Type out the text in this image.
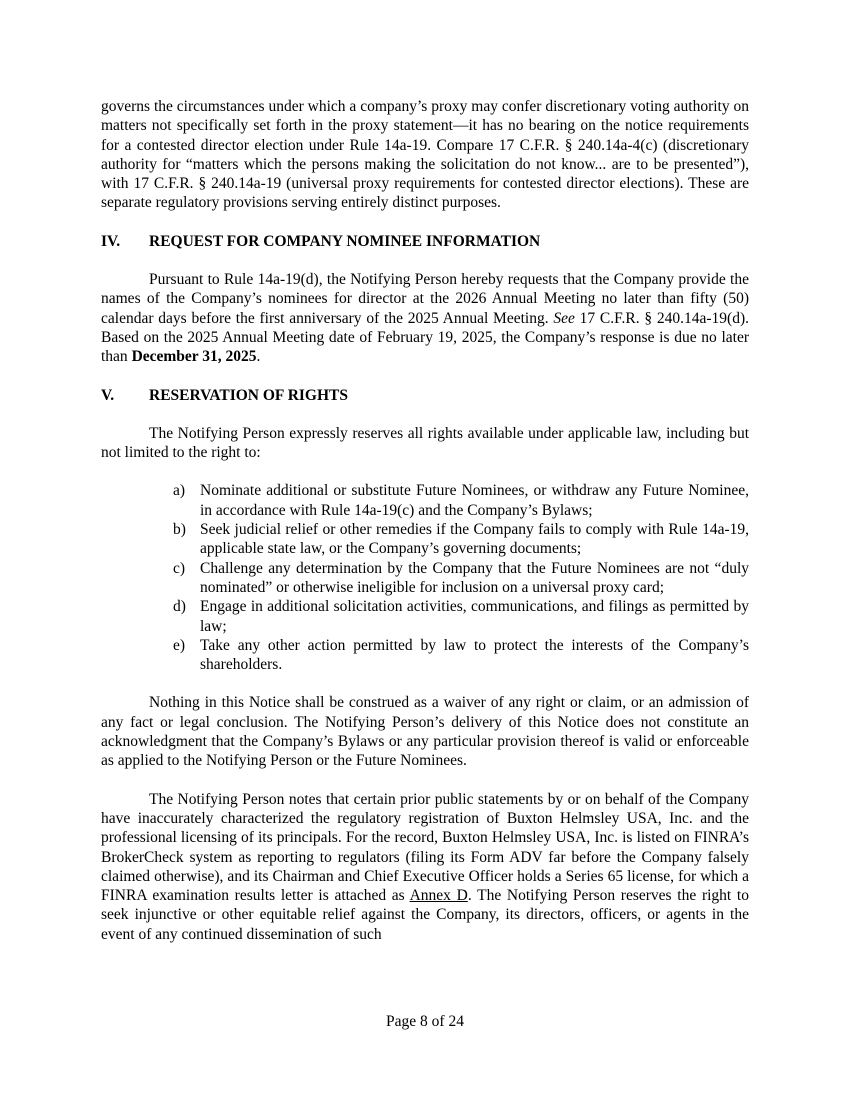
governs the circumstances under which a company’s proxy may confer discretionary voting authority on matters not specifically set forth in the proxy statement—it has no bearing on the notice requirements for a contested director election under Rule 14a-19. Compare 17 C.F.R. § 240.14a-4(c) (discretionary authority for “matters which the persons making the solicitation do not know... are to be presented”), with 17 C.F.R. § 240.14a-19 (universal proxy requirements for contested director elections). These are separate regulatory provisions serving entirely distinct purposes.

IV.	REQUEST FOR COMPANY NOMINEE INFORMATION

Pursuant to Rule 14a-19(d), the Notifying Person hereby requests that the Company provide the names of the Company’s nominees for director at the 2026 Annual Meeting no later than fifty (50) calendar days before the first anniversary of the 2025 Annual Meeting. See 17 C.F.R. § 240.14a-19(d). Based on the 2025 Annual Meeting date of February 19, 2025, the Company’s response is due no later than December 31, 2025.

V.	RESERVATION OF RIGHTS

The Notifying Person expressly reserves all rights available under applicable law, including but not limited to the right to:

a) Nominate additional or substitute Future Nominees, or withdraw any Future Nominee, in accordance with Rule 14a-19(c) and the Company’s Bylaws;
b) Seek judicial relief or other remedies if the Company fails to comply with Rule 14a-19, applicable state law, or the Company’s governing documents;
c) Challenge any determination by the Company that the Future Nominees are not “duly nominated” or otherwise ineligible for inclusion on a universal proxy card;
d) Engage in additional solicitation activities, communications, and filings as permitted by law;
e) Take any other action permitted by law to protect the interests of the Company’s shareholders.

Nothing in this Notice shall be construed as a waiver of any right or claim, or an admission of any fact or legal conclusion. The Notifying Person’s delivery of this Notice does not constitute an acknowledgment that the Company’s Bylaws or any particular provision thereof is valid or enforceable as applied to the Notifying Person or the Future Nominees.

The Notifying Person notes that certain prior public statements by or on behalf of the Company have inaccurately characterized the regulatory registration of Buxton Helmsley USA, Inc. and the professional licensing of its principals. For the record, Buxton Helmsley USA, Inc. is listed on FINRA’s BrokerCheck system as reporting to regulators (filing its Form ADV far before the Company falsely claimed otherwise), and its Chairman and Chief Executive Officer holds a Series 65 license, for which a FINRA examination results letter is attached as Annex D. The Notifying Person reserves the right to seek injunctive or other equitable relief against the Company, its directors, officers, or agents in the event of any continued dissemination of such

Page 8 of 24
